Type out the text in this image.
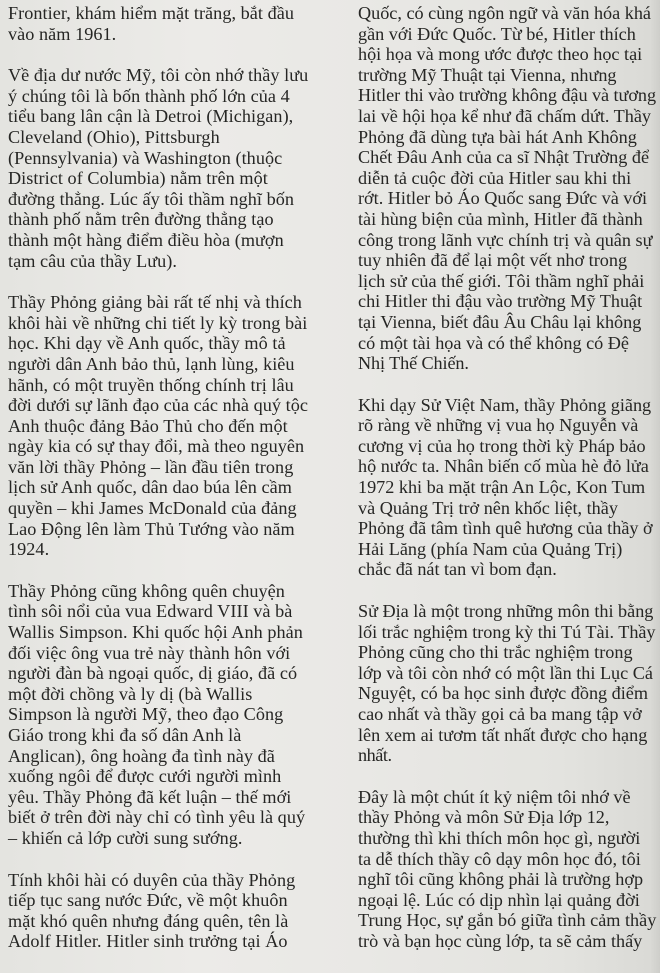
Frontier, khám hiểm mặt trăng, bắt đầu
vào năm 1961.
Về địa dư nước Mỹ, tôi còn nhớ thầy lưu
ý chúng tôi là bốn thành phố lớn của 4
tiểu bang lân cận là Detroi (Michigan),
Cleveland (Ohio), Pittsburgh
(Pennsylvania) và Washington (thuộc
District of Columbia) nằm trên một
đường thẳng. Lúc ấy tôi thầm nghĩ bốn
thành phố nằm trên đường thẳng tạo
thành một hàng điểm điều hòa (mượn
tạm câu của thầy Lưu).
Thầy Phỏng giảng bài rất tế nhị và thích
khôi hài về những chi tiết ly kỳ trong bài
học. Khi dạy về Anh quốc, thầy mô tả
người dân Anh bảo thủ, lạnh lùng, kiêu
hãnh, có một truyền thống chính trị lâu
đời dưới sự lãnh đạo của các nhà quý tộc
Anh thuộc đảng Bảo Thủ cho đến một
ngày kia có sự thay đổi, mà theo nguyên
văn lời thầy Phỏng – lần đầu tiên trong
lịch sử Anh quốc, dân dao búa lên cầm
quyền – khi James McDonald của đảng
Lao Động lên làm Thủ Tướng vào năm
1924.
Thầy Phỏng cũng không quên chuyện
tình sôi nổi của vua Edward VIII và bà
Wallis Simpson. Khi quốc hội Anh phản
đối việc ông vua trẻ này thành hôn với
người đàn bà ngoại quốc, dị giáo, đã có
một đời chồng và ly dị (bà Wallis
Simpson là người Mỹ, theo đạo Công
Giáo trong khi đa số dân Anh là
Anglican), ông hoàng đa tình này đã
xuống ngôi để được cưới người mình
yêu. Thầy Phỏng đã kết luận – thế mới
biết ở trên đời này chỉ có tình yêu là quý
– khiến cả lớp cười sung sướng.
Tính khôi hài có duyên của thầy Phỏng
tiếp tục sang nước Đức, về một khuôn
mặt khó quên nhưng đáng quên, tên là
Adolf Hitler. Hitler sinh trưởng tại Áo
Quốc, có cùng ngôn ngữ và văn hóa khá
gần với Đức Quốc. Từ bé, Hitler thích
hội họa và mong ước được theo học tại
trường Mỹ Thuật tại Vienna, nhưng
Hitler thi vào trường không đậu và tương
lai về hội họa kể như đã chấm dứt. Thầy
Phỏng đã dùng tựa bài hát Anh Không
Chết Đâu Anh của ca sĩ Nhật Trường để
diễn tả cuộc đời của Hitler sau khi thi
rớt. Hitler bỏ Áo Quốc sang Đức và với
tài hùng biện của mình, Hitler đã thành
công trong lãnh vực chính trị và quân sự
tuy nhiên đã để lại một vết nhơ trong
lịch sử của thế giới. Tôi thầm nghĩ phải
chi Hitler thi đậu vào trường Mỹ Thuật
tại Vienna, biết đâu Âu Châu lại không
có một tài họa và có thể không có Đệ
Nhị Thế Chiến.
Khi dạy Sử Việt Nam, thầy Phỏng giãng
rõ ràng về những vị vua họ Nguyễn và
cương vị của họ trong thời kỳ Pháp bảo
hộ nước ta. Nhân biến cố mùa hè đỏ lửa
1972 khi ba mặt trận An Lộc, Kon Tum
và Quảng Trị trở nên khốc liệt, thầy
Phỏng đã tâm tình quê hương của thầy ở
Hải Lăng (phía Nam của Quảng Trị)
chắc đã nát tan vì bom đạn.
Sử Địa là một trong những môn thi bằng
lối trắc nghiệm trong kỳ thi Tú Tài. Thầy
Phỏng cũng cho thi trắc nghiệm trong
lớp và tôi còn nhớ có một lần thi Lục Cá
Nguyệt, có ba học sinh được đồng điểm
cao nhất và thầy gọi cả ba mang tập vở
lên xem ai tươm tất nhất được cho hạng
nhất.
Đây là một chút ít kỷ niệm tôi nhớ về
thầy Phỏng và môn Sử Địa lớp 12,
thường thì khi thích môn học gì, người
ta dễ thích thầy cô dạy môn học đó, tôi
nghĩ tôi cũng không phải là trường hợp
ngoại lệ. Lúc có dịp nhìn lại quảng đời
Trung Học, sự gắn bó giữa tình cảm thầy
trò và bạn học cùng lớp, ta sẽ cảm thấy
